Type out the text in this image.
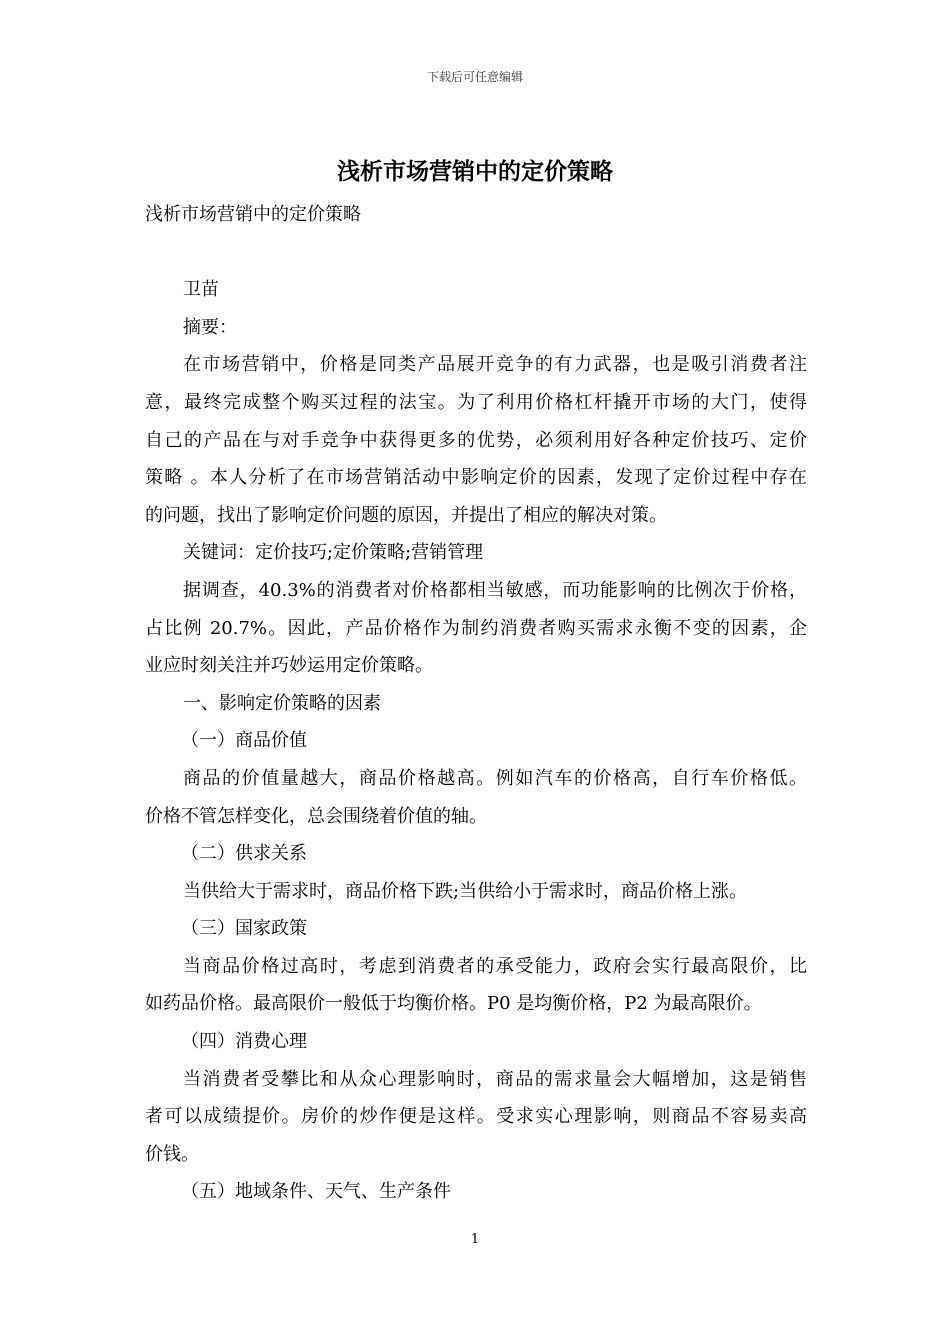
下载后可任意编辑
浅析市场营销中的定价策略
浅析市场营销中的定价策略
卫苗
摘要：
在市场营销中，价格是同类产品展开竞争的有力武器，也是吸引消费者注
意，最终完成整个购买过程的法宝。为了利用价格杠杆撬开市场的大门，使得
自己的产品在与对手竞争中获得更多的优势，必须利用好各种定价技巧、定价
策略 。本人分析了在市场营销活动中影响定价的因素，发现了定价过程中存在
的问题，找出了影响定价问题的原因，并提出了相应的解决对策。
关键词：定价技巧;定价策略;营销管理
据调查，40.3%的消费者对价格都相当敏感，而功能影响的比例次于价格，
占比例 20.7%。因此，产品价格作为制约消费者购买需求永衡不变的因素，企
业应时刻关注并巧妙运用定价策略。
一、影响定价策略的因素
（一）商品价值
商品的价值量越大，商品价格越高。例如汽车的价格高，自行车价格低。
价格不管怎样变化，总会围绕着价值的轴。
（二）供求关系
当供给大于需求时，商品价格下跌;当供给小于需求时，商品价格上涨。
（三）国家政策
当商品价格过高时，考虑到消费者的承受能力，政府会实行最高限价，比
如药品价格。最高限价一般低于均衡价格。P0 是均衡价格，P2 为最高限价。
（四）消费心理
当消费者受攀比和从众心理影响时，商品的需求量会大幅增加，这是销售
者可以成绩提价。房价的炒作便是这样。受求实心理影响，则商品不容易卖高
价钱。
（五）地域条件、天气、生产条件
1
